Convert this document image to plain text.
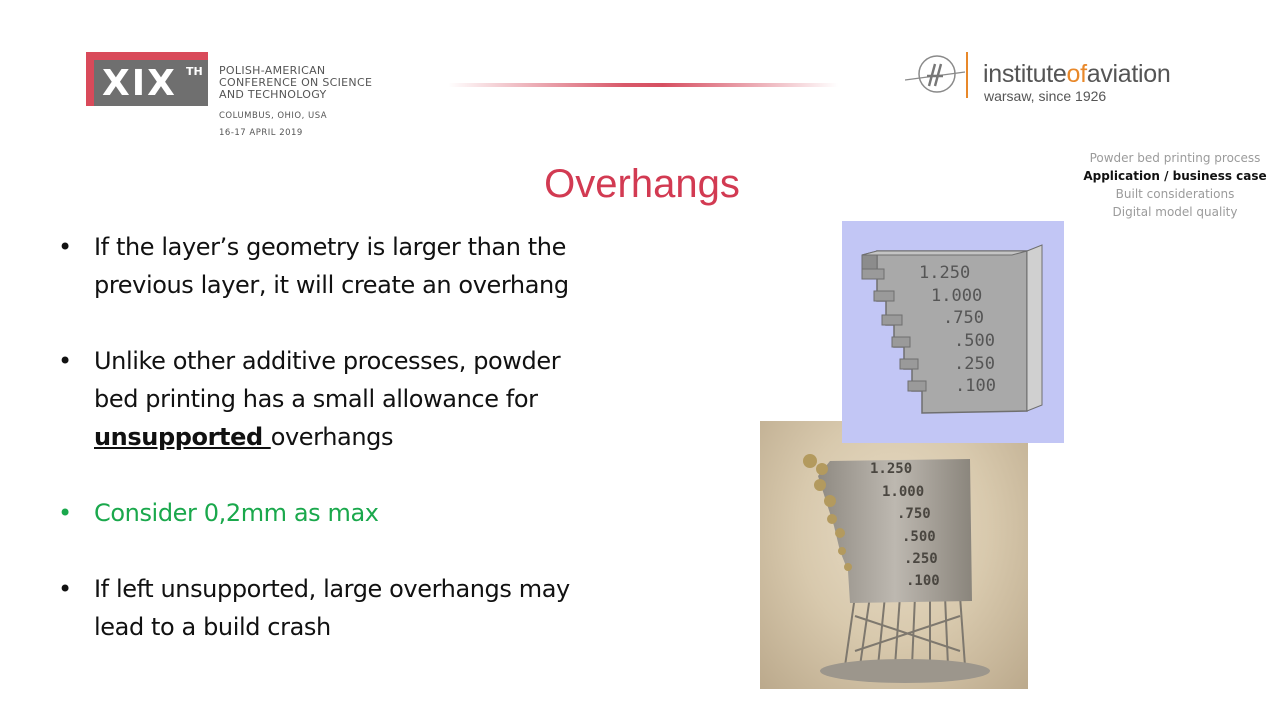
XIX TH POLISH-AMERICAN
CONFERENCE ON SCIENCE
AND TECHNOLOGY
COLUMBUS, OHIO, USA
16-17 APRIL 2019
instituteofaviation
warsaw, since 1926
Powder bed printing process
Application / business case
Built considerations
Digital model quality
Overhangs
• If the layer’s geometry is larger than the
previous layer, it will create an overhang
• Unlike other additive processes, powder
bed printing has a small allowance for
unsupported overhangs
• Consider 0,2mm as max
• If left unsupported, large overhangs may
lead to a build crash
1.250
1.000
.750
.500
.250
.100
1.250
1.000
.750
.500
.250
.100
